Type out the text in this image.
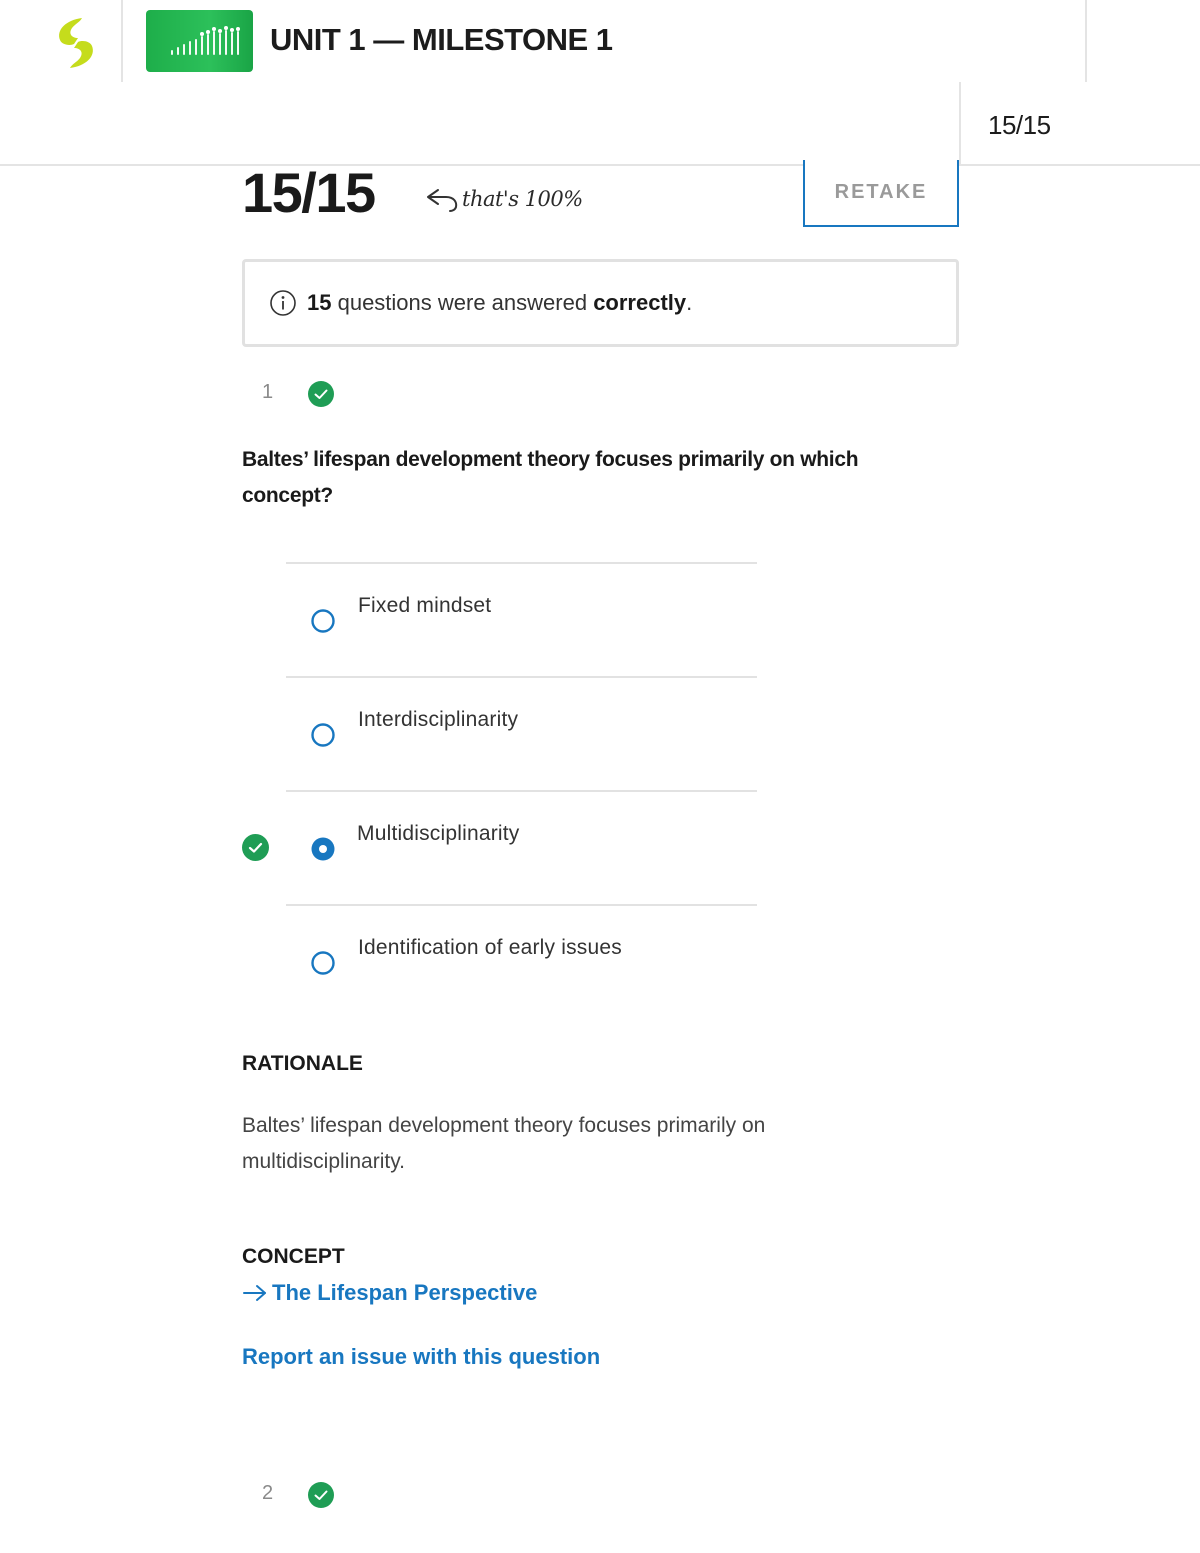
UNIT 1 — MILESTONE 1
15/15
15/15	that's 100%	RETAKE
15 questions were answered correctly.
1
Baltes’ lifespan development theory focuses primarily on which concept?
Fixed mindset
Interdisciplinarity
Multidisciplinarity
Identification of early issues
RATIONALE
Baltes’ lifespan development theory focuses primarily on multidisciplinarity.
CONCEPT
The Lifespan Perspective
Report an issue with this question
2
